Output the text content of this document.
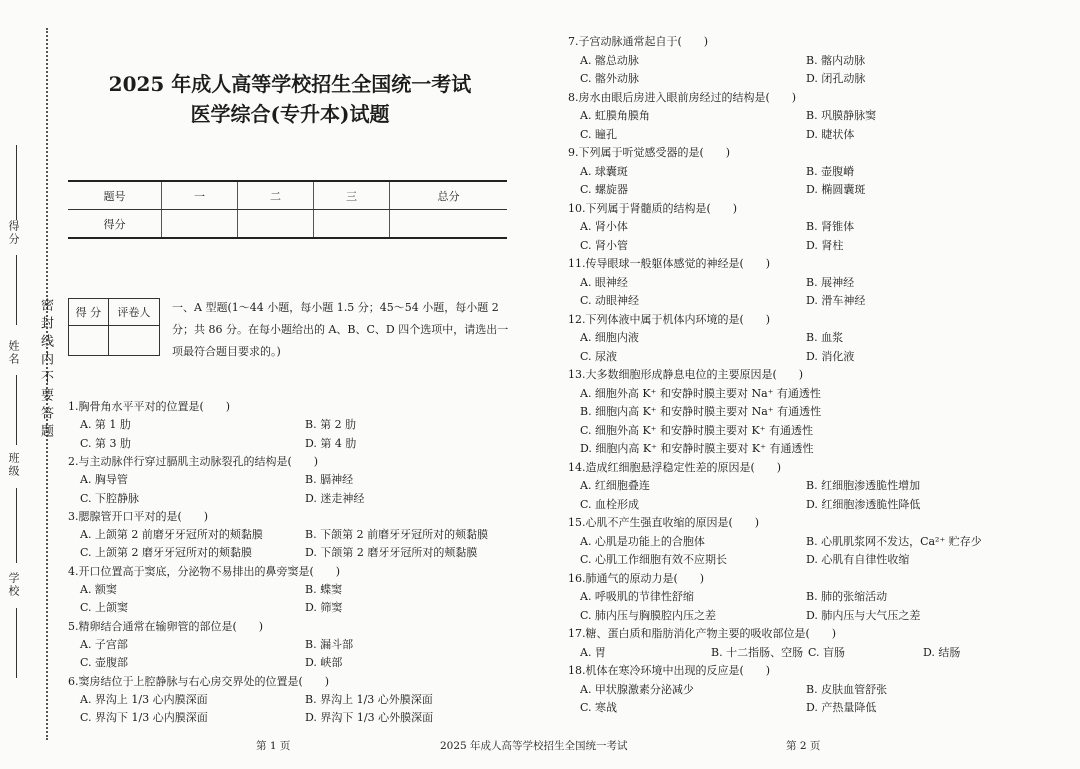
得分
姓名
班级
学校
密封线内不要答题
2025 年成人高等学校招生全国统一考试
医学综合(专升本)试题
题号	一	二	三	总分
得分				
得 分	评卷人
	一、A 型题(1～44 小题，每小题 1.5 分；45～54 小题，每小题 2 分；共 86 分。在每小题给出的 A、B、C、D 四个选项中，请选出一项最符合题目要求的。)
1.胸骨角水平平对的位置是(　　)
A. 第 1 肋	B. 第 2 肋
C. 第 3 肋	D. 第 4 肋
2.与主动脉伴行穿过膈肌主动脉裂孔的结构是(　　)
A. 胸导管	B. 膈神经
C. 下腔静脉	D. 迷走神经
3.腮腺管开口平对的是(　　)
A. 上颌第 2 前磨牙牙冠所对的颊黏膜	B. 下颌第 2 前磨牙牙冠所对的颊黏膜
C. 上颌第 2 磨牙牙冠所对的颊黏膜	D. 下颌第 2 磨牙牙冠所对的颊黏膜
4.开口位置高于窦底，分泌物不易排出的鼻旁窦是(　　)
A. 额窦	B. 蝶窦
C. 上颌窦	D. 筛窦
5.精卵结合通常在输卵管的部位是(　　)
A. 子宫部	B. 漏斗部
C. 壶腹部	D. 峡部
6.窦房结位于上腔静脉与右心房交界处的位置是(　　)
A. 界沟上 1/3 心内膜深面	B. 界沟上 1/3 心外膜深面
C. 界沟下 1/3 心内膜深面	D. 界沟下 1/3 心外膜深面
7.子宫动脉通常起自于(　　)
A. 髂总动脉	B. 髂内动脉
C. 髂外动脉	D. 闭孔动脉
8.房水由眼后房进入眼前房经过的结构是(　　)
A. 虹膜角膜角	B. 巩膜静脉窦
C. 瞳孔	D. 睫状体
9.下列属于听觉感受器的是(　　)
A. 球囊斑	B. 壶腹嵴
C. 螺旋器	D. 椭圆囊斑
10.下列属于肾髓质的结构是(　　)
A. 肾小体	B. 肾锥体
C. 肾小管	D. 肾柱
11.传导眼球一般躯体感觉的神经是(　　)
A. 眼神经	B. 展神经
C. 动眼神经	D. 滑车神经
12.下列体液中属于机体内环境的是(　　)
A. 细胞内液	B. 血浆
C. 尿液	D. 消化液
13.大多数细胞形成静息电位的主要原因是(　　)
A. 细胞外高 K⁺ 和安静时膜主要对 Na⁺ 有通透性
B. 细胞内高 K⁺ 和安静时膜主要对 Na⁺ 有通透性
C. 细胞外高 K⁺ 和安静时膜主要对 K⁺ 有通透性
D. 细胞内高 K⁺ 和安静时膜主要对 K⁺ 有通透性
14.造成红细胞悬浮稳定性差的原因是(　　)
A. 红细胞叠连	B. 红细胞渗透脆性增加
C. 血栓形成	D. 红细胞渗透脆性降低
15.心肌不产生强直收缩的原因是(　　)
A. 心肌是功能上的合胞体	B. 心肌肌浆网不发达，Ca²⁺ 贮存少
C. 心肌工作细胞有效不应期长	D. 心肌有自律性收缩
16.肺通气的原动力是(　　)
A. 呼吸肌的节律性舒缩	B. 肺的张缩活动
C. 肺内压与胸膜腔内压之差	D. 肺内压与大气压之差
17.糖、蛋白质和脂肪消化产物主要的吸收部位是(　　)
A. 胃	B. 十二指肠、空肠 C. 盲肠	D. 结肠
18.机体在寒冷环境中出现的反应是(　　)
A. 甲状腺激素分泌减少	B. 皮肤血管舒张
C. 寒战	D. 产热量降低
第 1 页	2025 年成人高等学校招生全国统一考试	第 2 页
